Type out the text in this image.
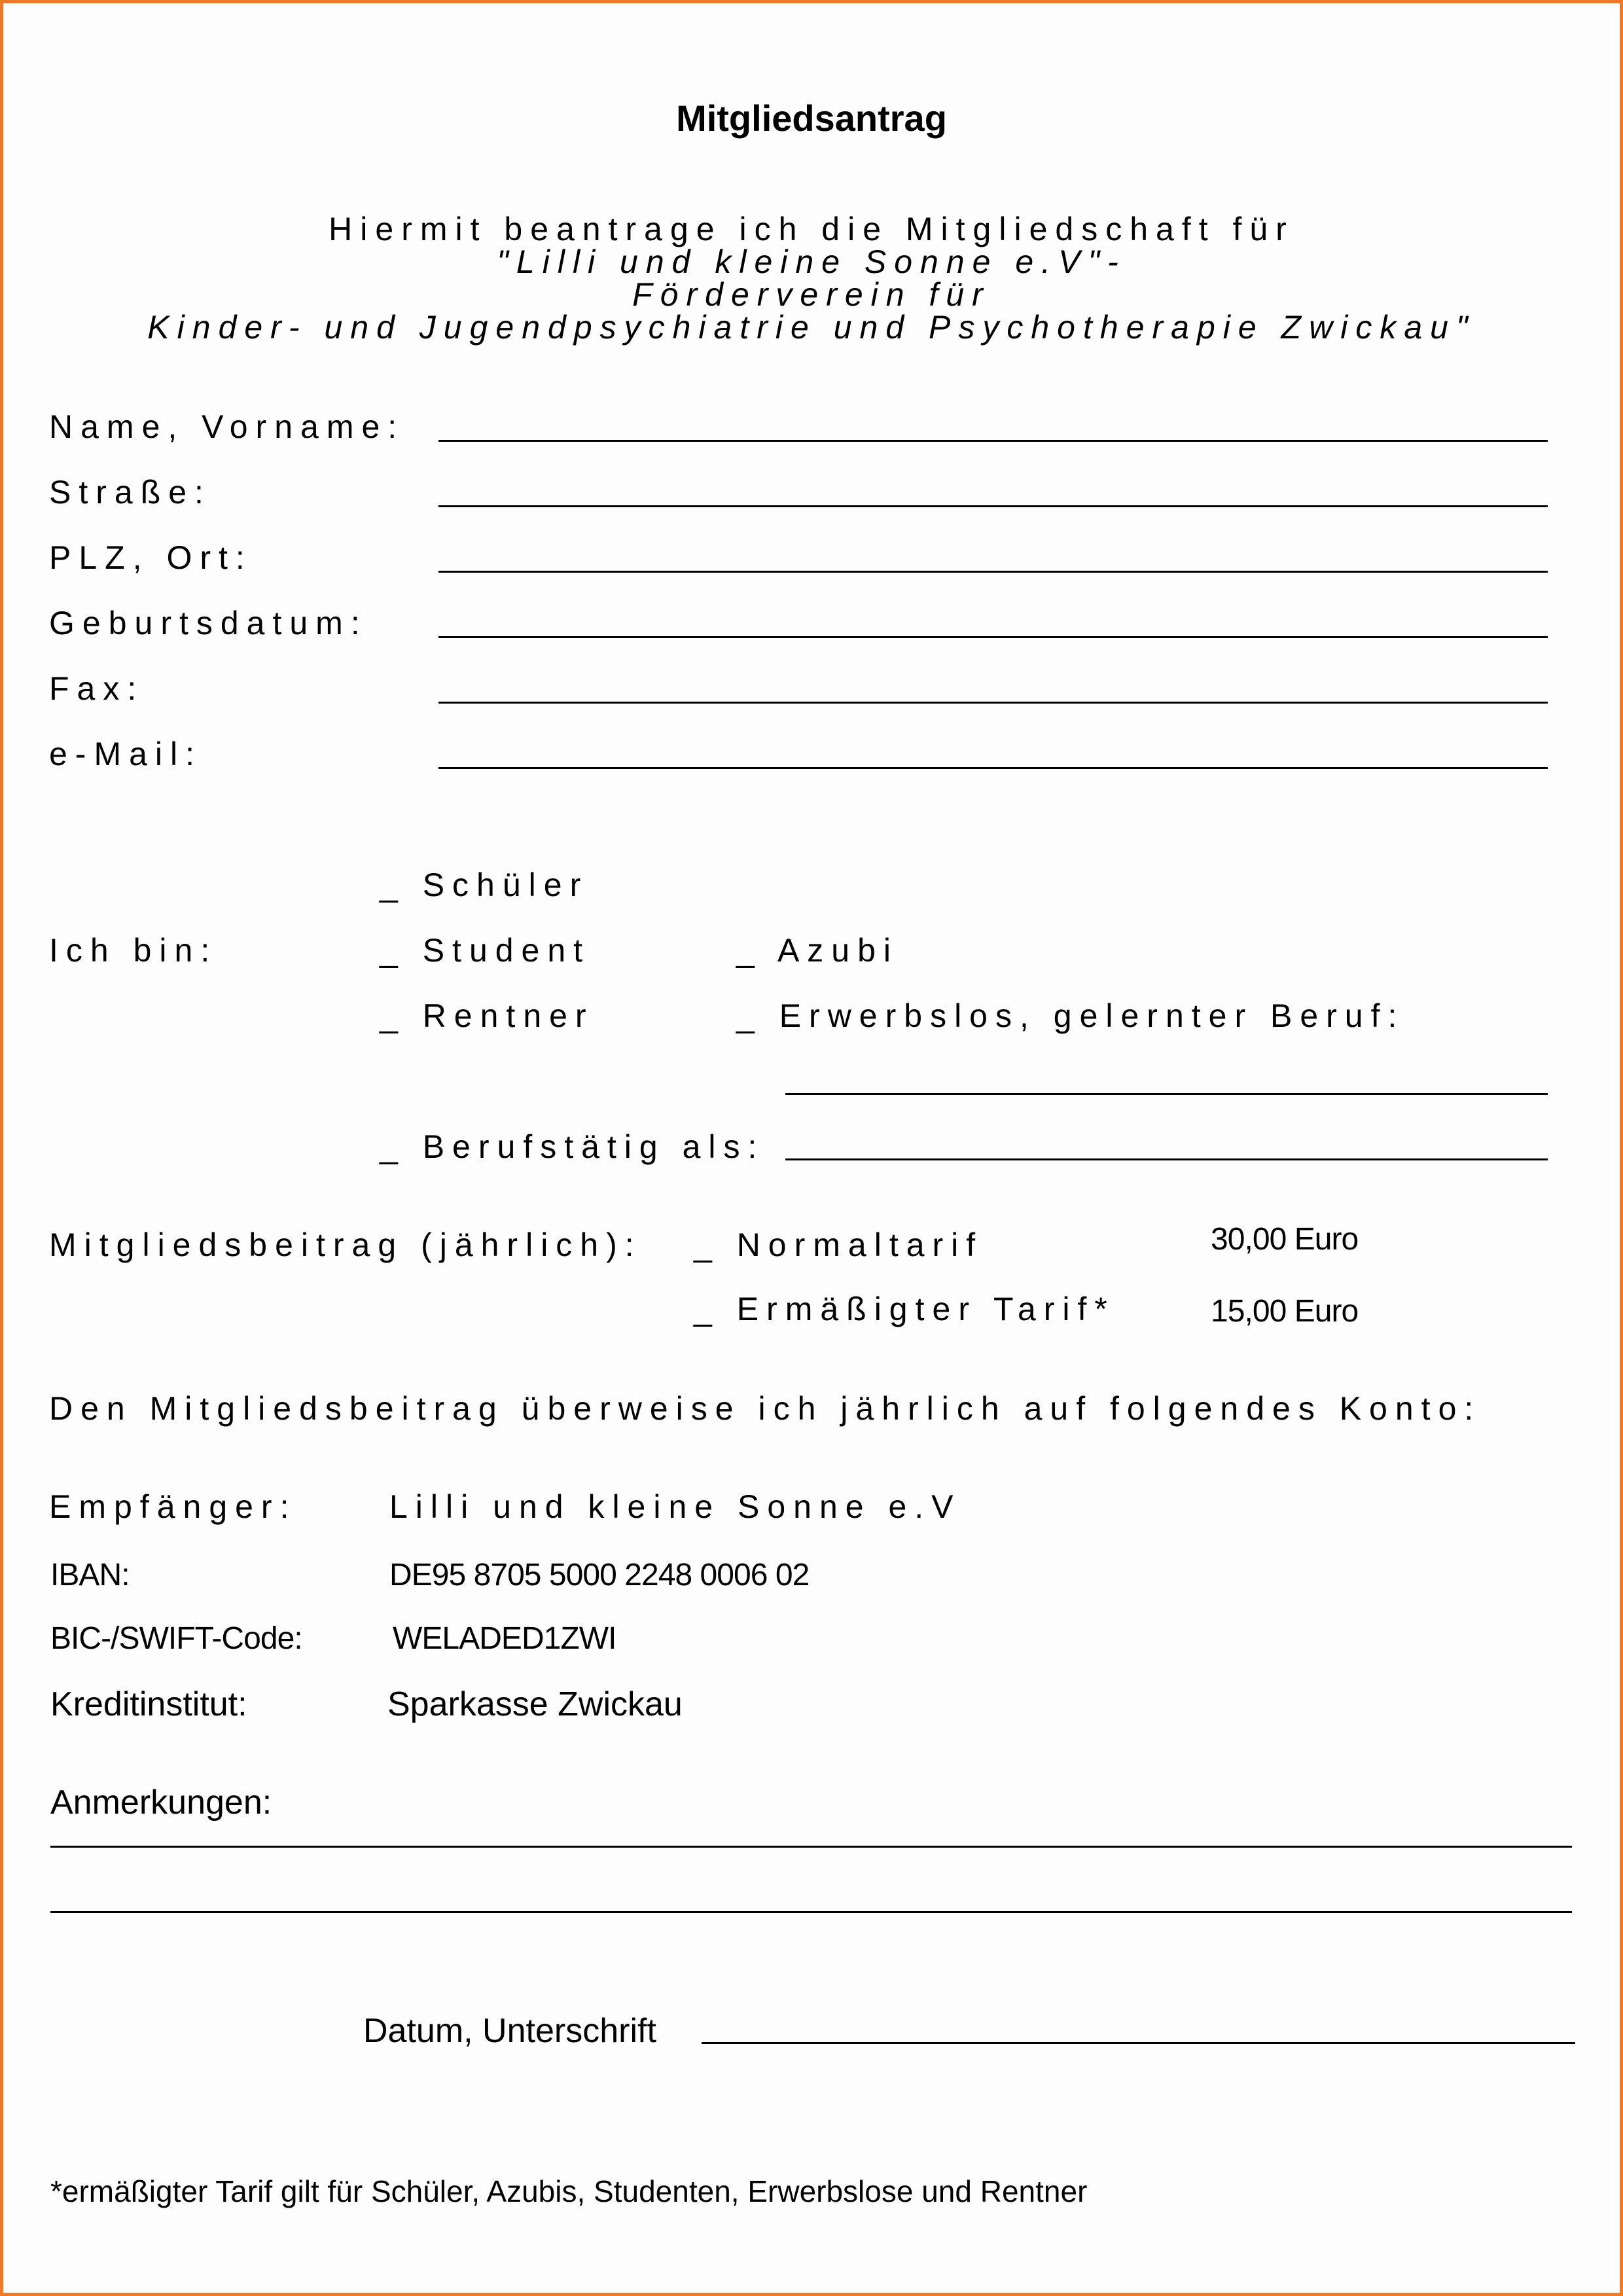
Mitgliedsantrag
Hiermit beantrage ich die Mitgliedschaft für
"Lilli und kleine Sonne e.V"-
Förderverein für
Kinder- und Jugendpsychiatrie und Psychotherapie Zwickau"
Name, Vorname:
Straße:
PLZ, Ort:
Geburtsdatum:
Fax:
e-Mail:
_ Schüler
Ich bin:	_ Student	_ Azubi
_ Rentner	_ Erwerbslos, gelernter Beruf:
_ Berufstätig als:
Mitgliedsbeitrag (jährlich): _ Normaltarif	30,00 Euro
_ Ermäßigter Tarif*	15,00 Euro
Den Mitgliedsbeitrag überweise ich jährlich auf folgendes Konto:
Empfänger:	Lilli und kleine Sonne e.V
IBAN:	DE95 8705 5000 2248 0006 02
BIC-/SWIFT-Code:	WELADED1ZWI
Kreditinstitut:	Sparkasse Zwickau
Anmerkungen:
Datum, Unterschrift
*ermäßigter Tarif gilt für Schüler, Azubis, Studenten, Erwerbslose und Rentner
